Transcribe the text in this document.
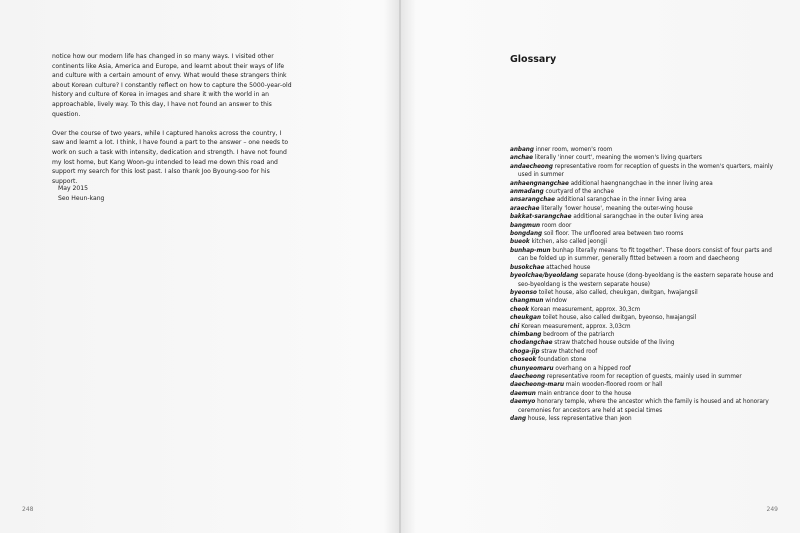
notice how our modern life has changed in so many ways. I visited other continents like Asia, America and Europe, and learnt about their ways of life and culture with a certain amount of envy. What would these strangers think about Korean culture? I constantly reflect on how to capture the 5000-year-old history and culture of Korea in images and share it with the world in an approachable, lively way. To this day, I have not found an answer to this question.

Over the course of two years, while I captured hanoks across the country, I saw and learnt a lot. I think, I have found a part to the answer – one needs to work on such a task with intensity, dedication and strength. I have not found my lost home, but Kang Woon-gu intended to lead me down this road and support my search for this lost past. I also thank Joo Byoung-soo for his support.

May 2015
Seo Heun-kang
248
Glossary
anbang inner room, women's room
anchae literally 'inner court', meaning the women's living quarters
andaecheong representative room for reception of guests in the women's quarters, mainly used in summer
anhaengnangchae additional haengnangchae in the inner living area
anmadang courtyard of the anchae
ansarangchae additional sarangchae in the inner living area
araechae literally 'lower house', meaning the outer-wing house
bakkat-sarangchae additional sarangchae in the outer living area
bangmun room door
bongdang soil floor. The unfloored area between two rooms
bueok kitchen, also called jeongji
bunhap-mun bunhap literally means 'to fit together'. These doors consist of four parts and can be folded up in summer, generally fitted between a room and daecheong
busokchae attached house
byeolchae/byeoldang separate house (dong-byeoldang is the eastern separate house and seo-byeoldang is the western separate house)
byeonso toilet house, also called, cheukgan, dwitgan, hwajangsil
changmun window
cheok Korean measurement, approx. 30,3cm
cheukgan toilet house, also called dwitgan, byeonso, hwajangsil
chi Korean measurement, approx. 3,03cm
chimbang bedroom of the patriarch
chodangchae straw thatched house outside of the living
choga-jip straw thatched roof
choseok foundation stone
chunyeomaru overhang on a hipped roof
daecheong representative room for reception of guests, mainly used in summer
daecheong-maru main wooden-floored room or hall
daemun main entrance door to the house
daemyo honorary temple, where the ancestor which the family is housed and at honorary ceremonies for ancestors are held at special times
dang house, less representative than jeon
249
